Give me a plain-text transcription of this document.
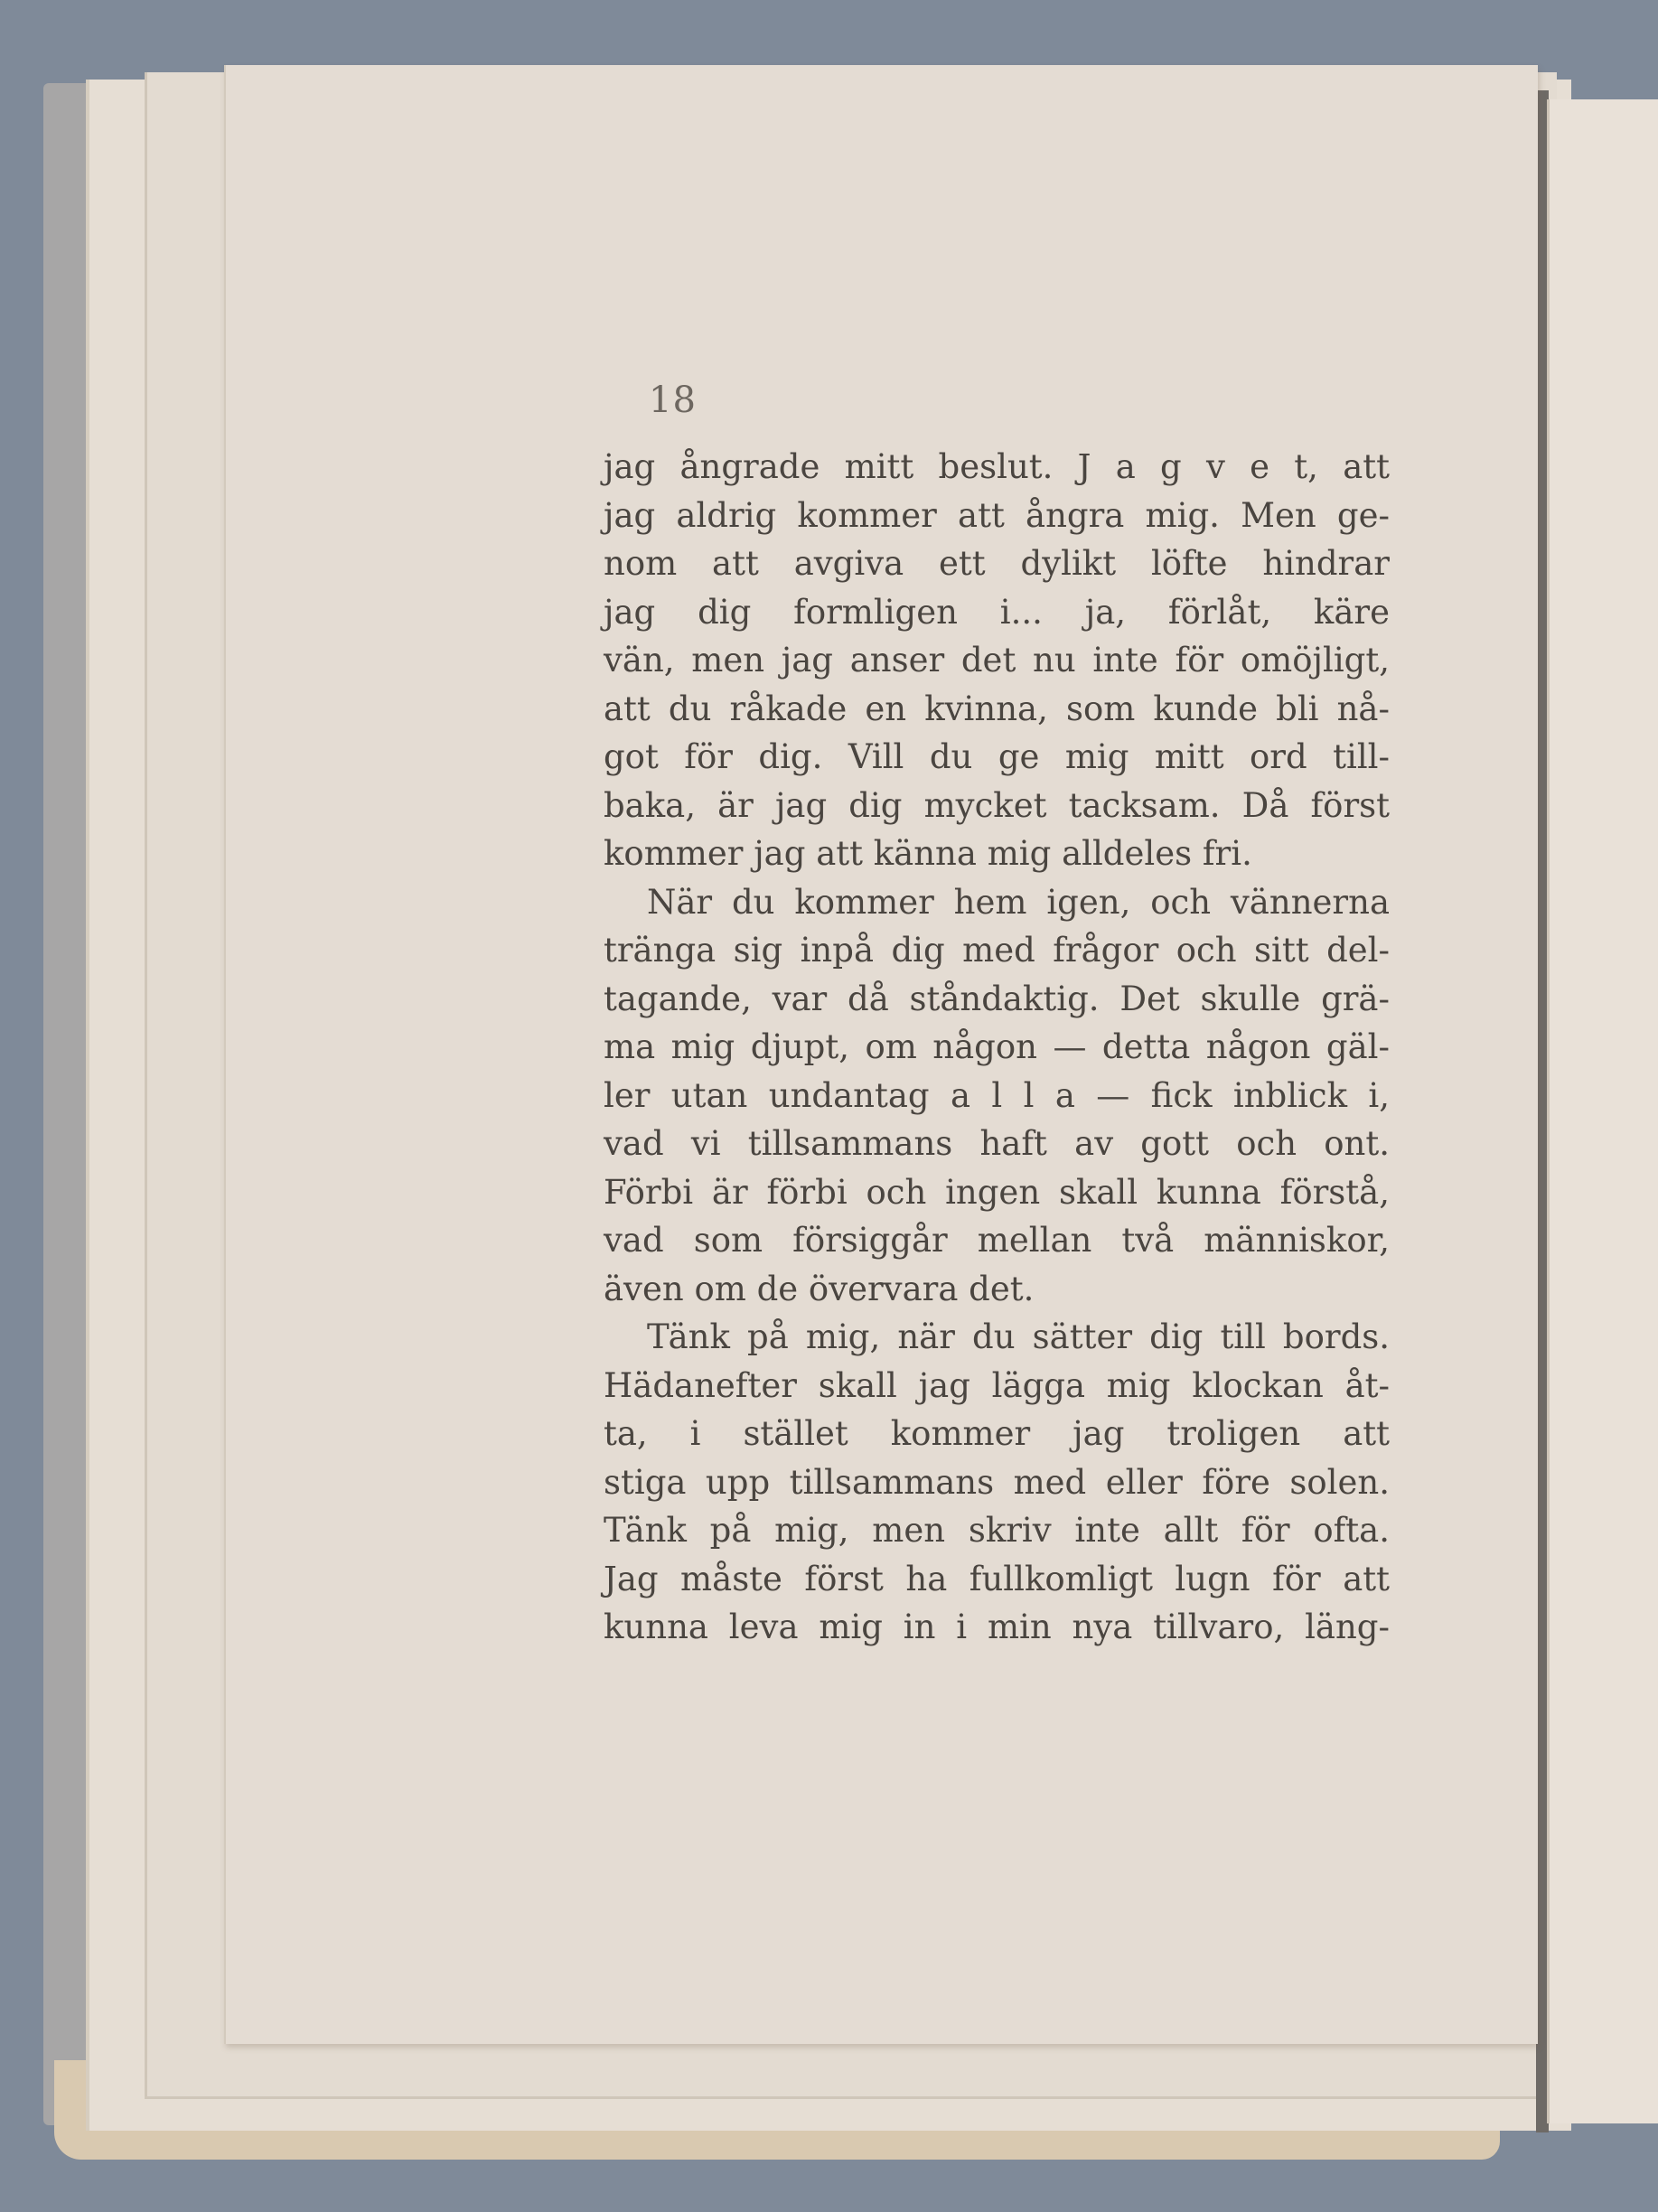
18
jag ångrade mitt beslut. J a g v e t, att
jag aldrig kommer att ångra mig. Men ge-
nom att avgiva ett dylikt löfte hindrar
jag dig formligen i... ja, förlåt, käre
vän, men jag anser det nu inte för omöjligt,
att du råkade en kvinna, som kunde bli nå-
got för dig. Vill du ge mig mitt ord till-
baka, är jag dig mycket tacksam. Då först
kommer jag att känna mig alldeles fri.
När du kommer hem igen, och vännerna
tränga sig inpå dig med frågor och sitt del-
tagande, var då ståndaktig. Det skulle grä-
ma mig djupt, om någon — detta någon gäl-
ler utan undantag a l l a — fick inblick i,
vad vi tillsammans haft av gott och ont.
Förbi är förbi och ingen skall kunna förstå,
vad som försiggår mellan två människor,
även om de övervara det.
Tänk på mig, när du sätter dig till bords.
Hädanefter skall jag lägga mig klockan åt-
ta, i stället kommer jag troligen att
stiga upp tillsammans med eller före solen.
Tänk på mig, men skriv inte allt för ofta.
Jag måste först ha fullkomligt lugn för att
kunna leva mig in i min nya tillvaro, läng-
